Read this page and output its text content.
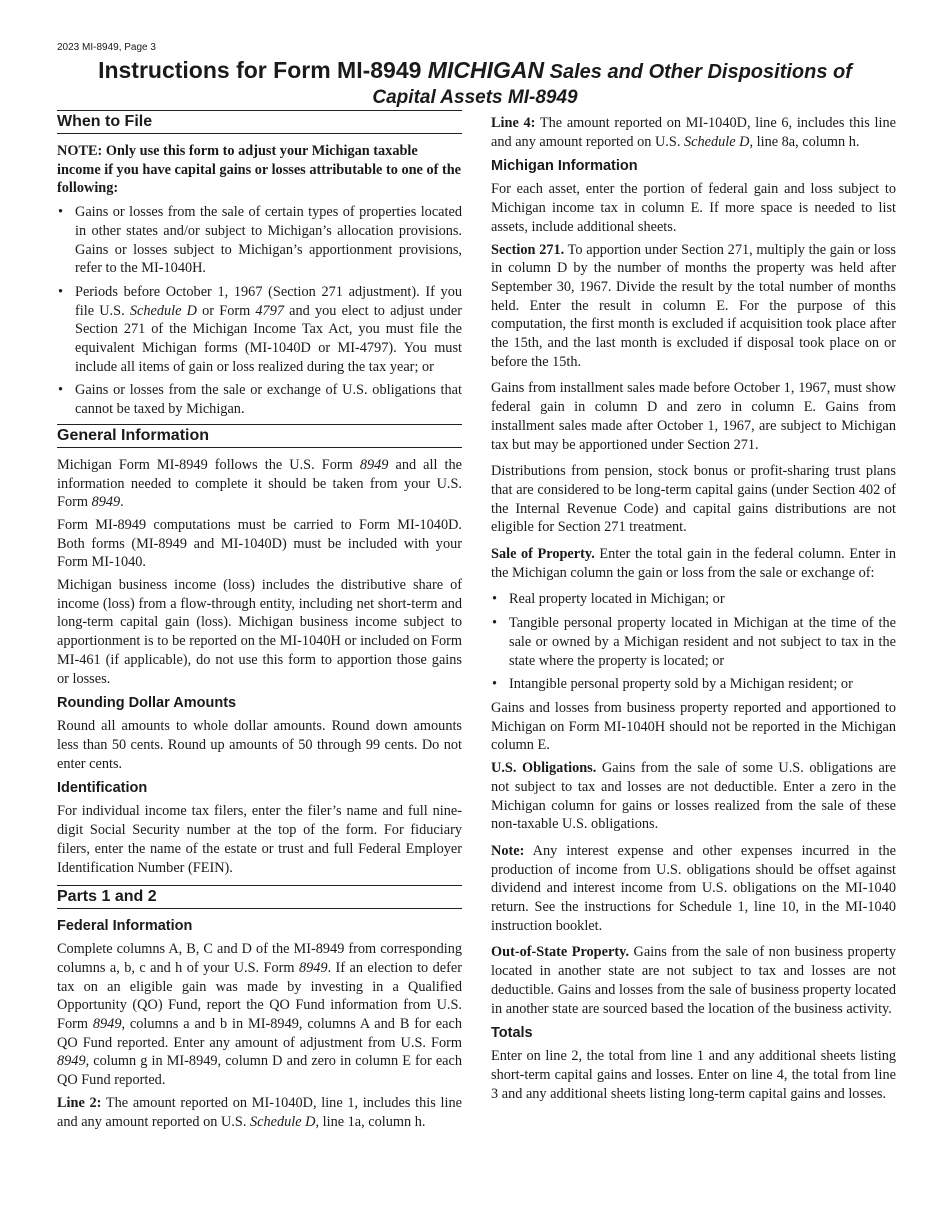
2023 MI-8949, Page 3
Instructions for Form MI-8949 MICHIGAN Sales and Other Dispositions of
Capital Assets MI-8949
When to File

NOTE: Only use this form to adjust your Michigan taxable income if you have capital gains or losses attributable to one of the following:

• Gains or losses from the sale of certain types of properties located in other states and/or subject to Michigan’s allocation provisions. Gains or losses subject to Michigan’s apportionment provisions, refer to the MI-1040H.
• Periods before October 1, 1967 (Section 271 adjustment). If you file U.S. Schedule D or Form 4797 and you elect to adjust under Section 271 of the Michigan Income Tax Act, you must file the equivalent Michigan forms (MI-1040D or MI-4797). You must include all items of gain or loss realized during the tax year; or
• Gains or losses from the sale or exchange of U.S. obligations that cannot be taxed by Michigan.
General Information

Michigan Form MI-8949 follows the U.S. Form 8949 and all the information needed to complete it should be taken from your U.S. Form 8949.

Form MI-8949 computations must be carried to Form MI-1040D. Both forms (MI-8949 and MI-1040D) must be included with your Form MI-1040.

Michigan business income (loss) includes the distributive share of income (loss) from a flow-through entity, including net short-term and long-term capital gain (loss). Michigan business income subject to apportionment is to be reported on the MI-1040H or included on Form MI-461 (if applicable), do not use this form to apportion those gains or losses.

Rounding Dollar Amounts

Round all amounts to whole dollar amounts. Round down amounts less than 50 cents. Round up amounts of 50 through 99 cents. Do not enter cents.

Identification

For individual income tax filers, enter the filer’s name and full nine-digit Social Security number at the top of the form. For fiduciary filers, enter the name of the estate or trust and full Federal Employer Identification Number (FEIN).

Parts 1 and 2
Federal Information

Complete columns A, B, C and D of the MI-8949 from corresponding columns a, b, c and h of your U.S. Form 8949. If an election to defer tax on an eligible gain was made by investing in a Qualified Opportunity (QO) Fund, report the QO Fund information from U.S. Form 8949, columns a and b in MI-8949, columns A and B for each QO Fund reported. Enter any amount of adjustment from U.S. Form 8949, column g in MI-8949, column D and zero in column E for each QO Fund reported.

Line 2: The amount reported on MI-1040D, line 1, includes this line and any amount reported on U.S. Schedule D, line 1a, column h.

Line 4: The amount reported on MI-1040D, line 6, includes this line and any amount reported on U.S. Schedule D, line 8a, column h.

Michigan Information

For each asset, enter the portion of federal gain and loss subject to Michigan income tax in column E. If more space is needed to list assets, include additional sheets.

Section 271. To apportion under Section 271, multiply the gain or loss in column D by the number of months the property was held after September 30, 1967. Divide the result by the total number of months held. Enter the result in column E. For the purpose of this computation, the first month is excluded if acquisition took place after the 15th, and the last month is excluded if disposal took place on or before the 15th.

Gains from installment sales made before October 1, 1967, must show federal gain in column D and zero in column E. Gains from installment sales made after October 1, 1967, are subject to Michigan tax but may be apportioned under Section 271.

Distributions from pension, stock bonus or profit-sharing trust plans that are considered to be long-term capital gains (under Section 402 of the Internal Revenue Code) and capital gains distributions are not eligible for Section 271 treatment.

Sale of Property. Enter the total gain in the federal column. Enter in the Michigan column the gain or loss from the sale or exchange of:

• Real property located in Michigan; or
• Tangible personal property located in Michigan at the time of the sale or owned by a Michigan resident and not subject to tax in the state where the property is located; or
• Intangible personal property sold by a Michigan resident; or

Gains and losses from business property reported and apportioned to Michigan on Form MI-1040H should not be reported in the Michigan column E.

U.S. Obligations. Gains from the sale of some U.S. obligations are not subject to tax and losses are not deductible. Enter a zero in the Michigan column for gains or losses realized from the sale of these non-taxable U.S. obligations.

Note: Any interest expense and other expenses incurred in the production of income from U.S. obligations should be offset against dividend and interest income from U.S. obligations on the MI-1040 return. See the instructions for Schedule 1, line 10, in the MI-1040 instruction booklet.

Out-of-State Property. Gains from the sale of non business property located in another state are not subject to tax and losses are not deductible. Gains and losses from the sale of business property located in another state are sourced based the location of the business activity.

Totals

Enter on line 2, the total from line 1 and any additional sheets listing short-term capital gains and losses. Enter on line 4, the total from line 3 and any additional sheets listing long-term capital gains and losses.
